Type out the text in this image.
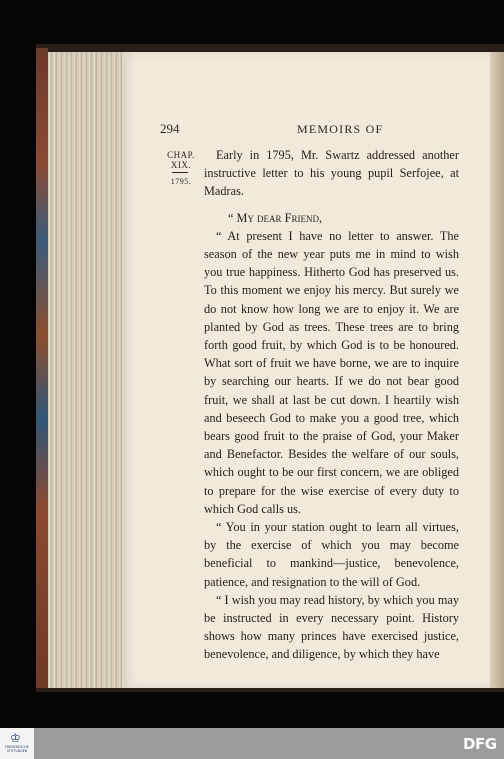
294	MEMOIRS OF
CHAP.
XIX.
1795.

Early in 1795, Mr. Swartz addressed another instructive letter to his young pupil Serfojee, at Madras.

“ My dear Friend,

“ At present I have no letter to answer. The season of the new year puts me in mind to wish you true happiness. Hitherto God has preserved us. To this moment we enjoy his mercy. But surely we do not know how long we are to enjoy it. We are planted by God as trees. These trees are to bring forth good fruit, by which God is to be honoured. What sort of fruit we have borne, we are to inquire by searching our hearts. If we do not bear good fruit, we shall at last be cut down. I heartily wish and beseech God to make you a good tree, which bears good fruit to the praise of God, your Maker and Benefactor. Besides the welfare of our souls, which ought to be our first concern, we are obliged to prepare for the wise exercise of every duty to which God calls us.

“ You in your station ought to learn all virtues, by the exercise of which you may become beneficial to mankind—justice, benevolence, patience, and resignation to the will of God.

“ I wish you may read history, by which you may be instructed in every necessary point. History shows how many princes have exercised justice, benevolence, and diligence, by which they have

♔
FRANCKESCHE STIFTUNGEN	DFG
